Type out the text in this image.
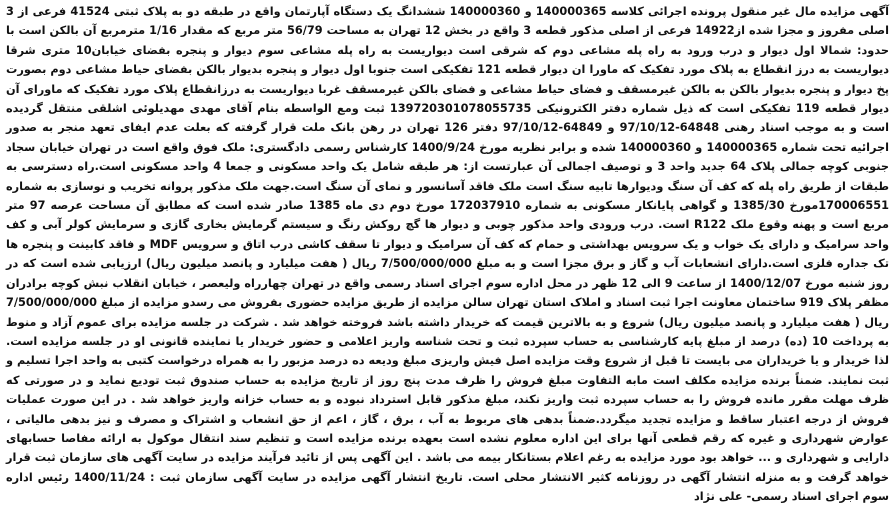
آگهی مزایده مال غیر منقول پرونده اجرائی کلاسه 140000365 و 140000360 ششدانگ یک دستگاه آپارتمان واقع در طبقه دو به پلاک ثبتی 41524 فرعی از 3 اصلی مفروز و مجزا شده از14922 فرعی از اصلی مذکور قطعه 3 واقع در بخش 12 تهران به مساحت 56/79 متر مربع که مقدار 1/16 مترمربع آن بالکن است با حدود: شمالا اول دیوار و درب ورود به راه پله مشاعی دوم که شرقی است دیواریست به راه پله مشاعی سوم دیوار و پنجره بفضای خیابان10 متری شرقا دیواریست به درز انقطاع به پلاک مورد تفکیک که ماورا ان دیوار قطعه 121 تفکیکی است جنوبا اول دیوار و پنجره بدیوار بالکن بفضای حیاط مشاعی دوم بصورت پخ دیوار و پنجره بدیوار بالکن به بالکن غیرمسقف و فضای حیاط مشاعی و فضای بالکن غیرمسقف غربا دیواریست به درزانقطاع پلاک مورد تفکیک که ماورای آن دیوار قطعه 119 تفکیکی است که ذیل شماره دفتر الکترونیکی 139720301078055735 ثبت ومع الواسطه بنام آقای مهدی مهدیلوئی اشلقی منتقل گردیده است و به موجب اسناد رهنی 64848-97/10/12 و 64849-97/10/12 دفتر 126 تهران در رهن بانک ملت قرار گرفته که بعلت عدم ایفای تعهد منجر به صدور اجرائیه تحت شماره 140000365 و 140000360 شده و برابر نظریه مورخ 1400/9/24 کارشناس رسمی دادگستری: ملک فوق واقع است در تهران خیابان سجاد جنوبی کوچه جمالی پلاک 64 جدید واحد 3 و توصیف اجمالی آن عبارتست از: هر طبقه شامل یک واحد مسکونی و جمعا 4 واحد مسکونی است.راه دسترسی به طبقات از طریق راه پله که کف آن سنگ ودیوارها تابیه سنگ است ملک فاقد آسانسور و نمای آن سنگ است.جهت ملک مذکور پروانه تخریب و نوسازی به شماره 170006551مورخ 1385/30 و گواهی پایانکار مسکونی به شماره 172037910 مورخ دوم دی ماه 1385 صادر شده است که مطابق آن مساحت عرصه 97 متر مربع است و پهنه وقوع ملک R122 است. درب ورودی واحد مذکور چوبی و دیوار ها گچ روکش رنگ و سیستم گرمایش بخاری گازی و سرمایش کولر آبی و کف واحد سرامیک و دارای یک خواب و یک سرویس بهداشتی و حمام که کف آن سرامیک و دیوار تا سقف کاشی درب اتاق و سرویس MDF و فاقد کابینت و پنجره ها تک جداره فلزی است.دارای انشعابات آب و گاز و برق مجزا است و به مبلغ 7/500/000/000 ریال ( هفت میلیارد و پانصد میلیون ریال) ارزیابی شده است که در روز شنبه مورخ 1400/12/07 از ساعت 9 الی 12 ظهر در محل اداره سوم اجرای اسناد رسمی واقع در تهران چهارراه ولیعصر ، خیابان انقلاب نبش کوچه برادران مظفر پلاک 919 ساختمان معاونت اجرا ثبت اسناد و املاک استان تهران سالن مزایده از طریق مزایده حضوری بفروش می رسدو مزایده از مبلغ 7/500/000/000 ریال ( هفت میلیارد و پانصد میلیون ریال) شروع و به بالاترین قیمت که خریدار داشته باشد فروخته خواهد شد . شرکت در جلسه مزایده برای عموم آزاد و منوط به پرداخت 10 (ده) درصد از مبلغ پایه کارشناسی به حساب سپرده ثبت و تحت شناسه واریز اعلامی و حضور خریدار یا نماینده قانونی او در جلسه مزایده است. لذا خریدار و یا خریداران می بایست تا قبل از شروع وقت مزایده اصل فیش واریزی مبلغ ودیعه ده درصد مزبور را به همراه درخواست کتبی به واحد اجرا تسلیم و ثبت نمایند. ضمناً برنده مزایده مکلف است مابه التفاوت مبلغ فروش را ظرف مدت پنج روز از تاریخ مزایده به حساب صندوق ثبت تودیع نماید و در صورتی که ظرف مهلت مقرر مانده فروش را به حساب سپرده ثبت واریز نکند، مبلغ مذکور قابل استرداد نبوده و به حساب خزانه واریز خواهد شد . در این صورت عملیات فروش از درجه اعتبار ساقط و مزایده تجدید میگردد.ضمناً بدهی های مربوط به آب ، برق ، گاز ، اعم از حق انشعاب و اشتراک و مصرف و نیز بدهی مالیاتی ، عوارض شهرداری و غیره که رقم قطعی آنها برای این اداره معلوم نشده است بعهده برنده مزایده است و تنظیم سند انتقال موکول به ارائه مفاصا حسابهای دارایی و شهرداری و ... خواهد بود مورد مزایده به رغم اعلام بستانکار بیمه می باشد . این آگهی پس از تائید فرآیند مزایده در سایت آگهی های سازمان ثبت قرار خواهد گرفت و به منزله انتشار آگهی در روزنامه کثیر الانتشار محلی است. تاریخ انتشار آگهی مزایده در سایت آگهی سازمان ثبت : 1400/11/24 رئیس اداره سوم اجرای اسناد رسمی- علی نژاد
